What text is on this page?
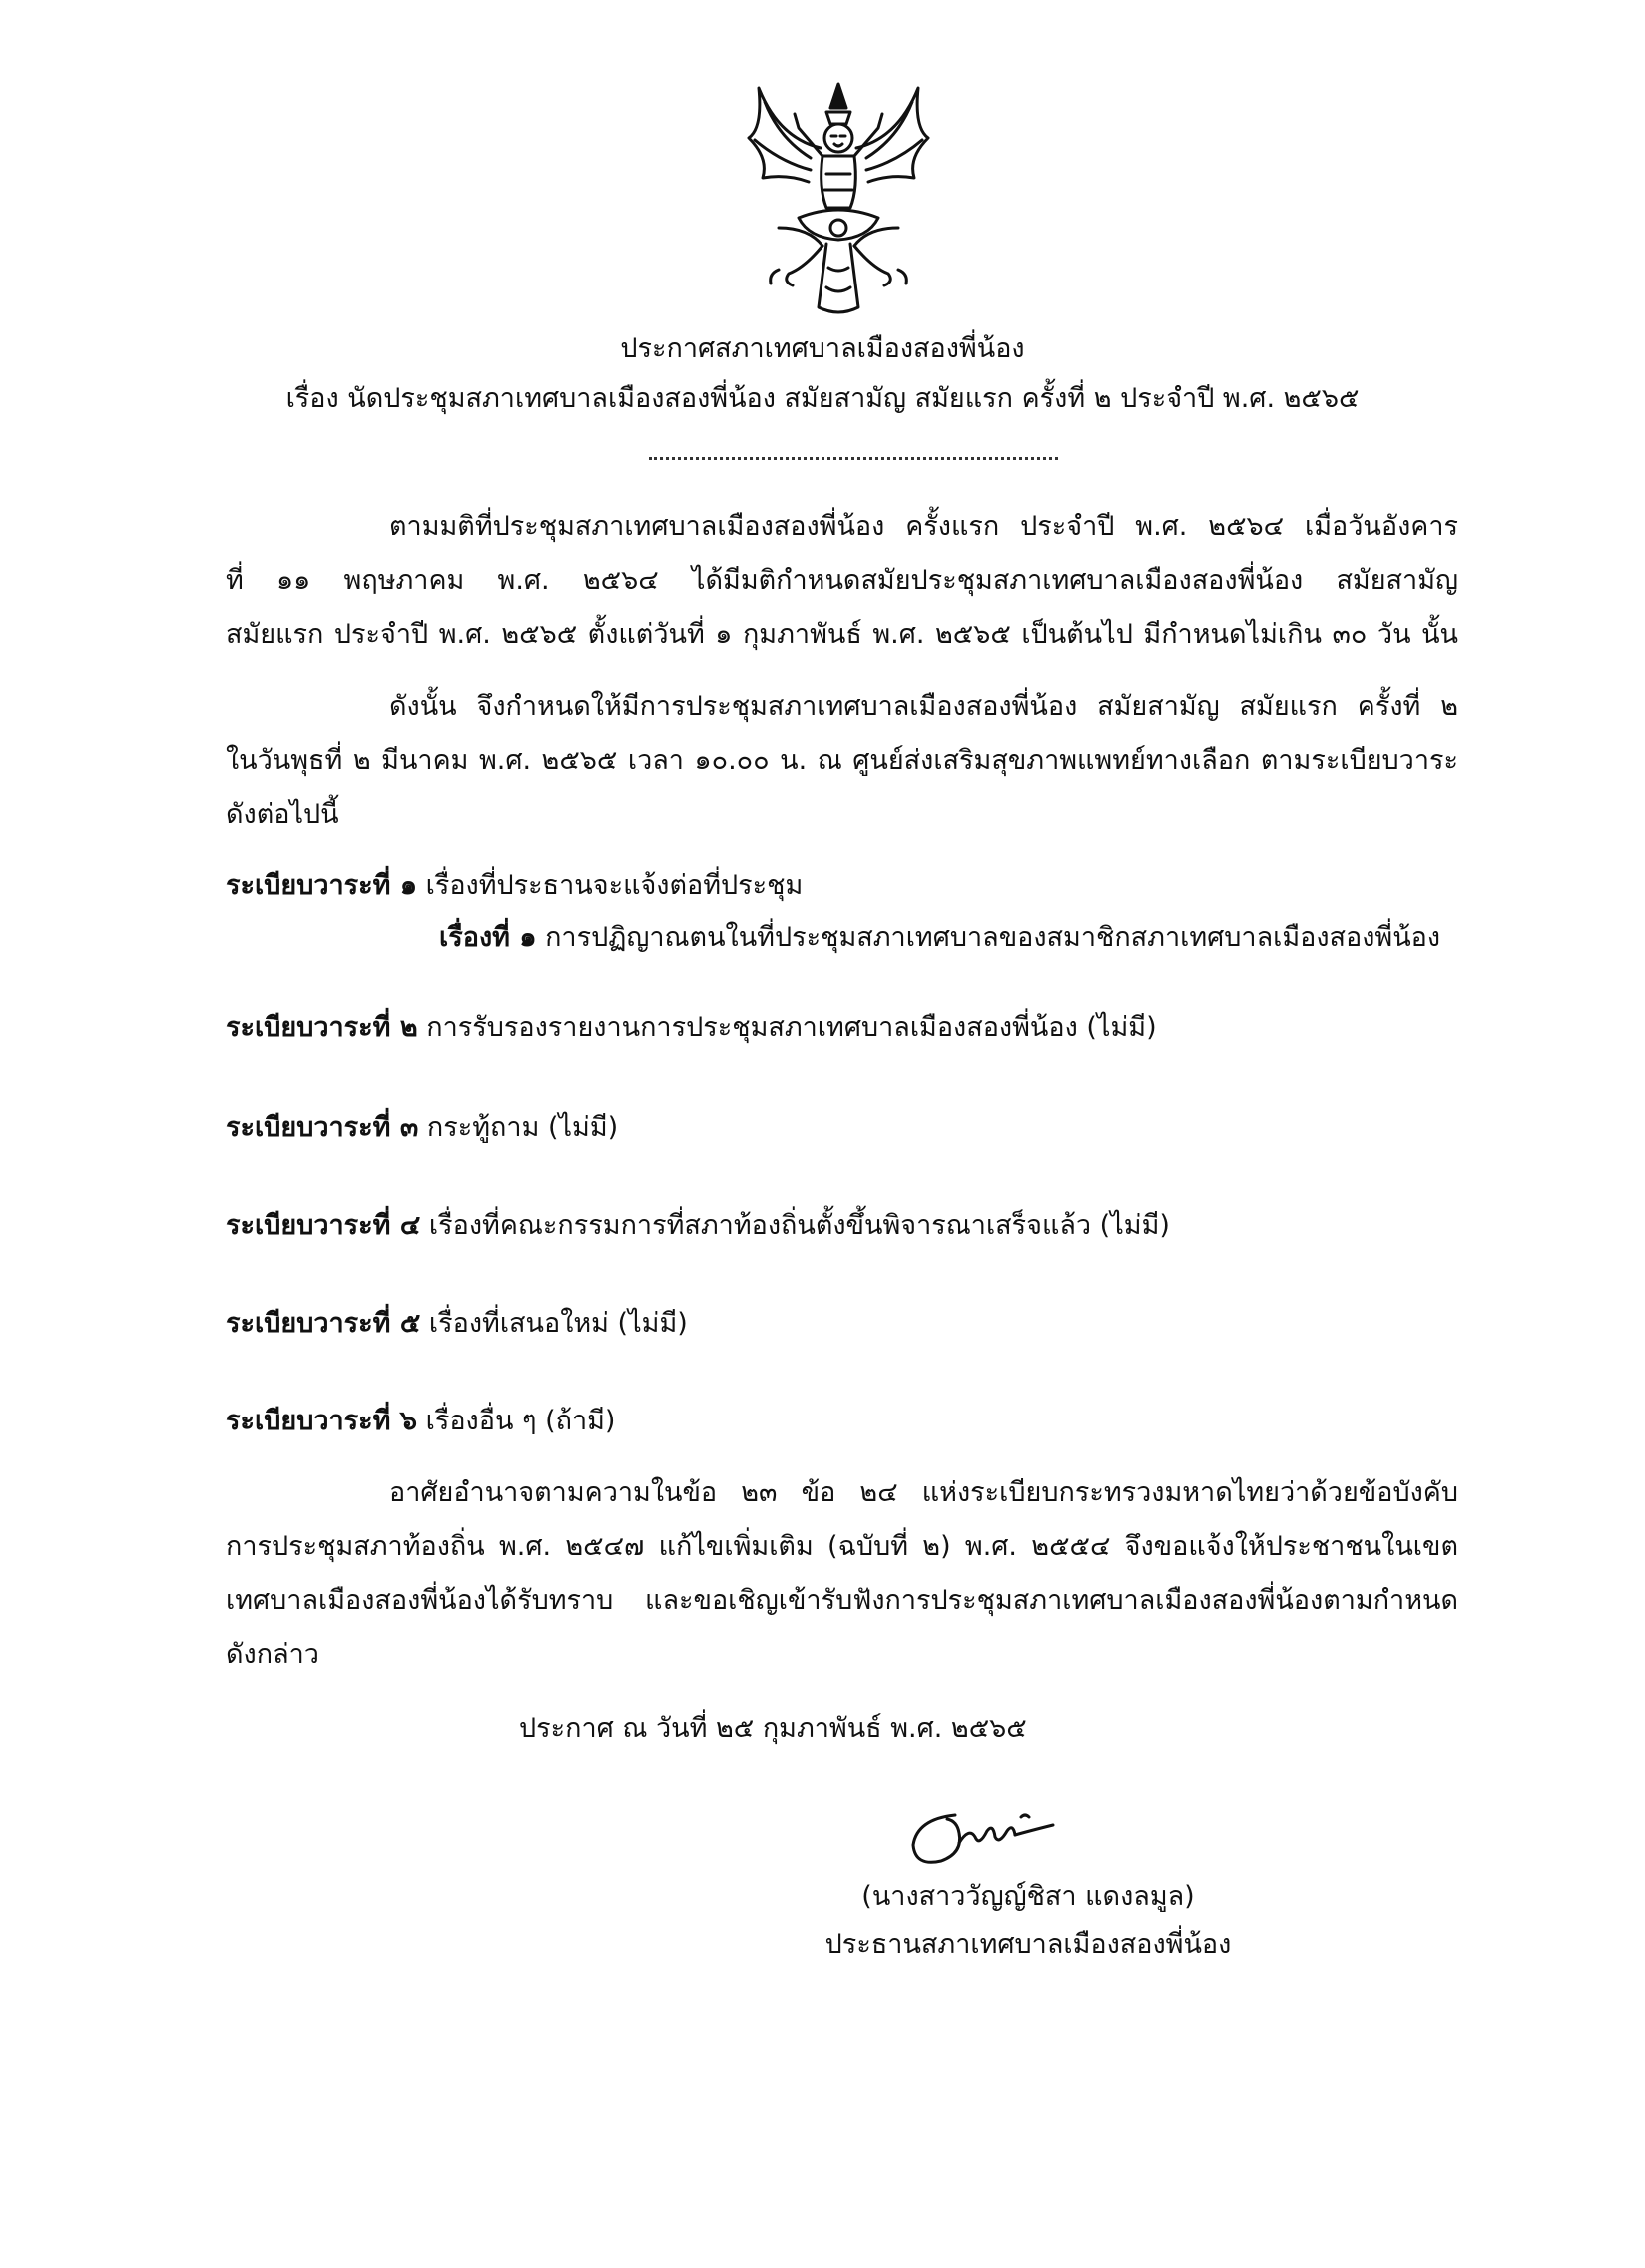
ประกาศสภาเทศบาลเมืองสองพี่น้อง
เรื่อง นัดประชุมสภาเทศบาลเมืองสองพี่น้อง สมัยสามัญ สมัยแรก ครั้งที่ ๒ ประจำปี พ.ศ. ๒๕๖๕
ตามมติที่ประชุมสภาเทศบาลเมืองสองพี่น้อง ครั้งแรก ประจำปี พ.ศ. ๒๕๖๔ เมื่อวันอังคาร
ที่ ๑๑ พฤษภาคม พ.ศ. ๒๕๖๔ ได้มีมติกำหนดสมัยประชุมสภาเทศบาลเมืองสองพี่น้อง สมัยสามัญ
สมัยแรก ประจำปี พ.ศ. ๒๕๖๕ ตั้งแต่วันที่ ๑ กุมภาพันธ์ พ.ศ. ๒๕๖๕ เป็นต้นไป มีกำหนดไม่เกิน ๓๐ วัน นั้น
ดังนั้น จึงกำหนดให้มีการประชุมสภาเทศบาลเมืองสองพี่น้อง สมัยสามัญ สมัยแรก ครั้งที่ ๒
ในวันพุธที่ ๒ มีนาคม พ.ศ. ๒๕๖๕ เวลา ๑๐.๐๐ น. ณ ศูนย์ส่งเสริมสุขภาพแพทย์ทางเลือก ตามระเบียบวาระ
ดังต่อไปนี้
ระเบียบวาระที่ ๑ เรื่องที่ประธานจะแจ้งต่อที่ประชุม
เรื่องที่ ๑ การปฏิญาณตนในที่ประชุมสภาเทศบาลของสมาชิกสภาเทศบาลเมืองสองพี่น้อง
ระเบียบวาระที่ ๒ การรับรองรายงานการประชุมสภาเทศบาลเมืองสองพี่น้อง (ไม่มี)
ระเบียบวาระที่ ๓ กระทู้ถาม (ไม่มี)
ระเบียบวาระที่ ๔ เรื่องที่คณะกรรมการที่สภาท้องถิ่นตั้งขึ้นพิจารณาเสร็จแล้ว (ไม่มี)
ระเบียบวาระที่ ๕ เรื่องที่เสนอใหม่ (ไม่มี)
ระเบียบวาระที่ ๖ เรื่องอื่น ๆ (ถ้ามี)
อาศัยอำนาจตามความในข้อ ๒๓ ข้อ ๒๔ แห่งระเบียบกระทรวงมหาดไทยว่าด้วยข้อบังคับ
การประชุมสภาท้องถิ่น พ.ศ. ๒๕๔๗ แก้ไขเพิ่มเติม (ฉบับที่ ๒) พ.ศ. ๒๕๕๔ จึงขอแจ้งให้ประชาชนในเขต
เทศบาลเมืองสองพี่น้องได้รับทราบ และขอเชิญเข้ารับฟังการประชุมสภาเทศบาลเมืองสองพี่น้องตามกำหนด
ดังกล่าว
ประกาศ ณ วันที่ ๒๕ กุมภาพันธ์ พ.ศ. ๒๕๖๕
(นางสาววัญญ์ชิสา แดงลมูล)
ประธานสภาเทศบาลเมืองสองพี่น้อง
